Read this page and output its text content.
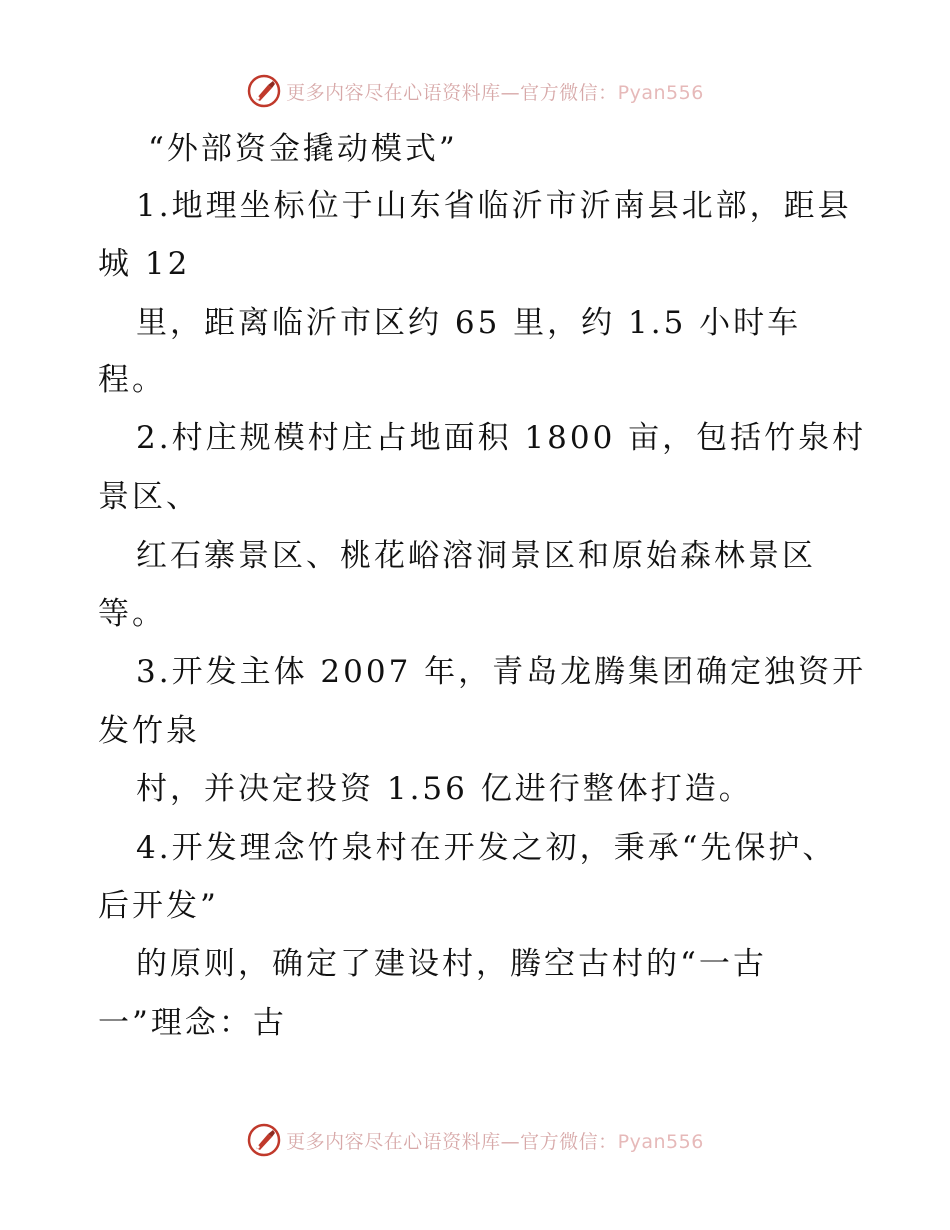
更多内容尽在心语资料库—官方微信：Pyan556
“外部资金撬动模式”
1.地理坐标位于山东省临沂市沂南县北部，距县
城 12
里，距离临沂市区约 65 里，约 1.5 小时车
程。
2.村庄规模村庄占地面积 1800 亩，包括竹泉村
景区、
红石寨景区、桃花峪溶洞景区和原始森林景区
等。
3.开发主体 2007 年，青岛龙腾集团确定独资开
发竹泉
村，并决定投资 1.56 亿进行整体打造。
4.开发理念竹泉村在开发之初，秉承“先保护、
后开发”
的原则，确定了建设村，腾空古村的“一古
一”理念：古
更多内容尽在心语资料库—官方微信：Pyan556
